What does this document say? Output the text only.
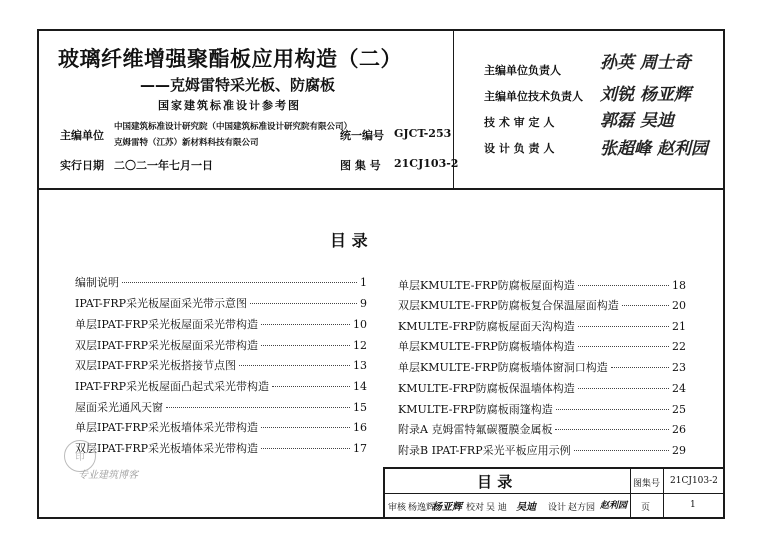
玻璃纤维增强聚酯板应用构造（二）
——克姆雷特采光板、防腐板
国家建筑标准设计参考图
主编单位
中国建筑标准设计研究院（中国建筑标准设计研究院有限公司）
克姆雷特（江苏）新材料科技有限公司
统一编号 GJCT-253
实行日期 二〇二一年七月一日	图 集 号 21CJ103-2
主编单位负责人 孙英 周士奇
主编单位技术负责人 刘锐 杨亚辉
技 术 审 定 人	郭磊 吴迪
设 计 负 责 人	张超峰 赵利园
目 录
编制说明	1
IPAT-FRP采光板屋面采光带示意图	9
单层IPAT-FRP采光板屋面采光带构造	10
双层IPAT-FRP采光板屋面采光带构造	12
双层IPAT-FRP采光板搭接节点图	13
IPAT-FRP采光板屋面凸起式采光带构造	14
屋面采光通风天窗	15
单层IPAT-FRP采光板墙体采光带构造	16
双层IPAT-FRP采光板墙体采光带构造	17
单层KMULTE-FRP防腐板屋面构造	18
双层KMULTE-FRP防腐板复合保温屋面构造	20
KMULTE-FRP防腐板屋面天沟构造	21
单层KMULTE-FRP防腐板墙体构造	22
单层KMULTE-FRP防腐板墙体窗洞口构造	23
KMULTE-FRP防腐板保温墙体构造	24
KMULTE-FRP防腐板雨篷构造	25
附录A 克姆雷特氟碳覆膜金属板	26
附录B IPAT-FRP采光平板应用示例	29
印
专业建筑博客	目 录	图集号 21CJ103-2
审核 杨逸辉
杨亚辉 校对 吴 迪 吴迪 设计 赵方园 赵利园 页	1
